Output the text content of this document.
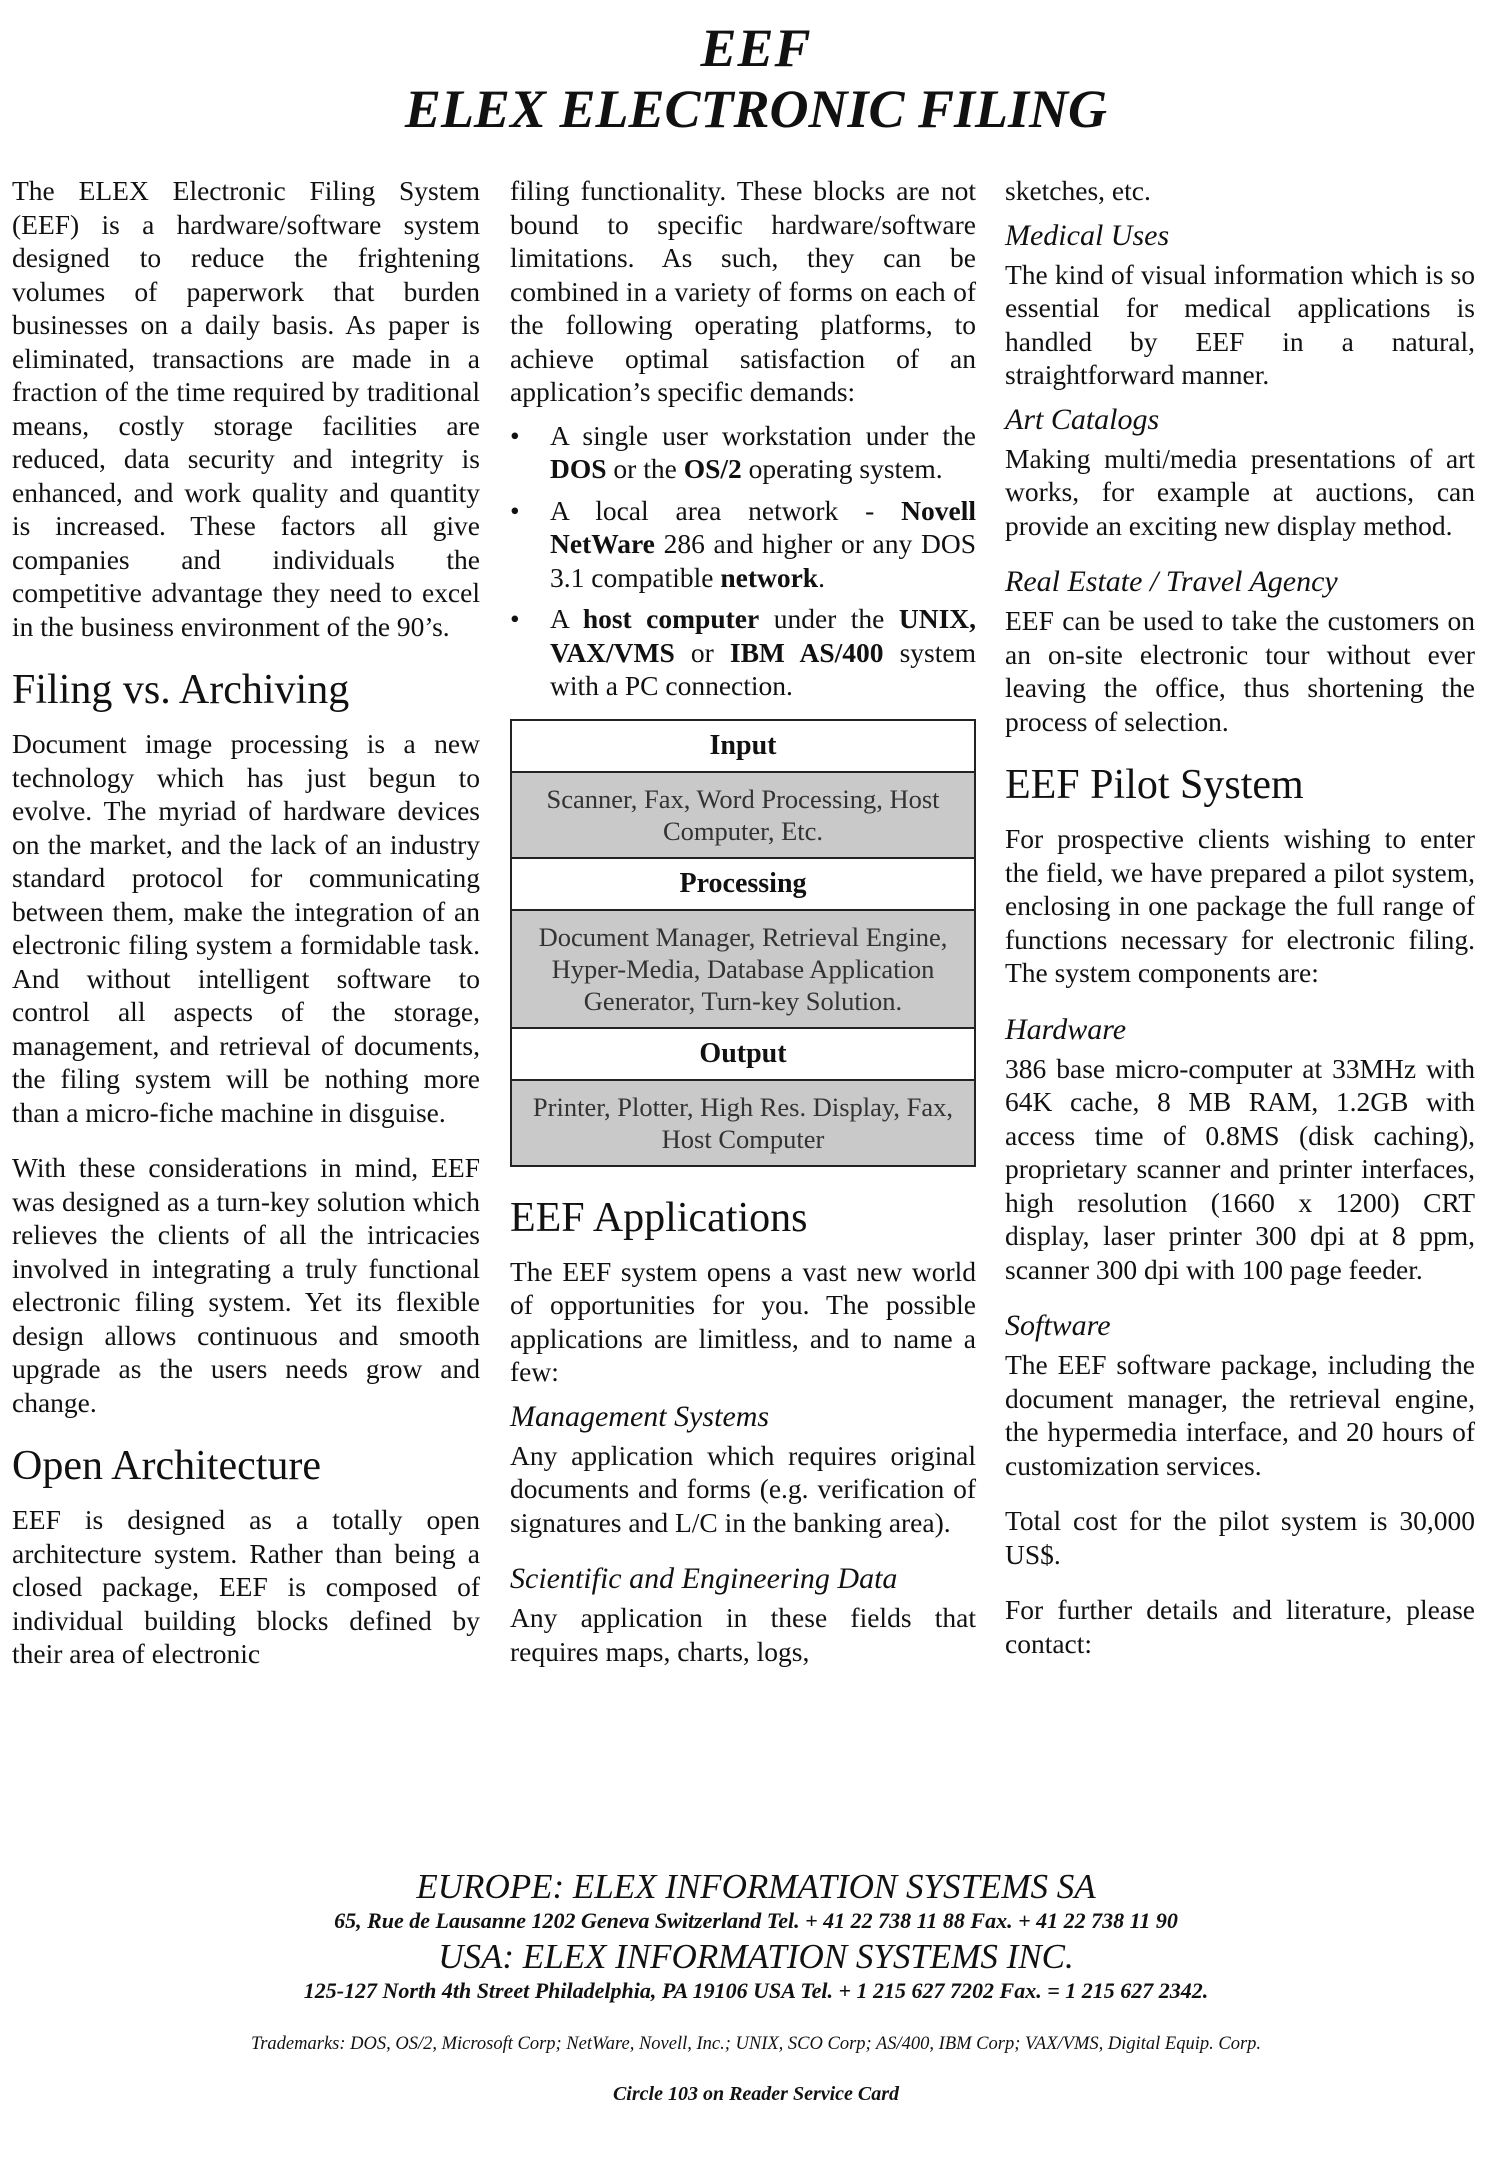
EEF
ELEX ELECTRONIC FILING

The ELEX Electronic Filing System (EEF) is a hardware/software system designed to reduce the frightening volumes of paperwork that burden businesses on a daily basis. As paper is eliminated, transactions are made in a fraction of the time required by traditional means, costly storage facilities are reduced, data security and integrity is enhanced, and work quality and quantity is increased. These factors all give companies and individuals the competitive advantage they need to excel in the business environment of the 90’s.

Filing vs. Archiving

Document image processing is a new technology which has just begun to evolve. The myriad of hardware devices on the market, and the lack of an industry standard protocol for communicating between them, make the integration of an electronic filing system a formidable task. And without intelligent software to control all aspects of the storage, management, and retrieval of documents, the filing system will be nothing more than a micro-fiche machine in disguise.

With these considerations in mind, EEF was designed as a turn-key solution which relieves the clients of all the intricacies involved in integrating a truly functional electronic filing system. Yet its flexible design allows continuous and smooth upgrade as the users needs grow and change.

Open Architecture

EEF is designed as a totally open architecture system. Rather than being a closed package, EEF is composed of individual building blocks defined by their area of electronic

filing functionality. These blocks are not bound to specific hardware/software limitations. As such, they can be combined in a variety of forms on each of the following operating platforms, to achieve optimal satisfaction of an application’s specific demands:

• A single user workstation under the DOS or the OS/2 operating system.
• A local area network - Novell NetWare 286 and higher or any DOS 3.1 compatible network.
• A host computer under the UNIX, VAX/VMS or IBM AS/400 system with a PC connection.
Input
Scanner, Fax, Word Processing, Host Computer, Etc.
Processing
Document Manager, Retrieval Engine, Hyper-Media, Database Application Generator, Turn-key Solution.
Output
Printer, Plotter, High Res. Display, Fax, Host Computer
EEF Applications

The EEF system opens a vast new world of opportunities for you. The possible applications are limitless, and to name a few:

Management Systems

Any application which requires original documents and forms (e.g. verification of signatures and L/C in the banking area).

Scientific and Engineering Data

Any application in these fields that requires maps, charts, logs,

sketches, etc.

Medical Uses

The kind of visual information which is so essential for medical applications is handled by EEF in a natural, straightforward manner.

Art Catalogs

Making multi/media presentations of art works, for example at auctions, can provide an exciting new display method.

Real Estate / Travel Agency

EEF can be used to take the customers on an on-site electronic tour without ever leaving the office, thus shortening the process of selection.

EEF Pilot System

For prospective clients wishing to enter the field, we have prepared a pilot system, enclosing in one package the full range of functions necessary for electronic filing. The system components are:

Hardware

386 base micro-computer at 33MHz with 64K cache, 8 MB RAM, 1.2GB with access time of 0.8MS (disk caching), proprietary scanner and printer interfaces, high resolution (1660 x 1200) CRT display, laser printer 300 dpi at 8 ppm, scanner 300 dpi with 100 page feeder.

Software

The EEF software package, including the document manager, the retrieval engine, the hypermedia interface, and 20 hours of customization services.

Total cost for the pilot system is 30,000 US$.

For further details and literature, please contact:

EUROPE: ELEX INFORMATION SYSTEMS SA
65, Rue de Lausanne 1202 Geneva Switzerland Tel. + 41 22 738 11 88 Fax. + 41 22 738 11 90
USA: ELEX INFORMATION SYSTEMS INC.
125-127 North 4th Street Philadelphia, PA 19106 USA Tel. + 1 215 627 7202 Fax. = 1 215 627 2342.
Trademarks: DOS, OS/2, Microsoft Corp; NetWare, Novell, Inc.; UNIX, SCO Corp; AS/400, IBM Corp; VAX/VMS, Digital Equip. Corp.
Circle 103 on Reader Service Card
